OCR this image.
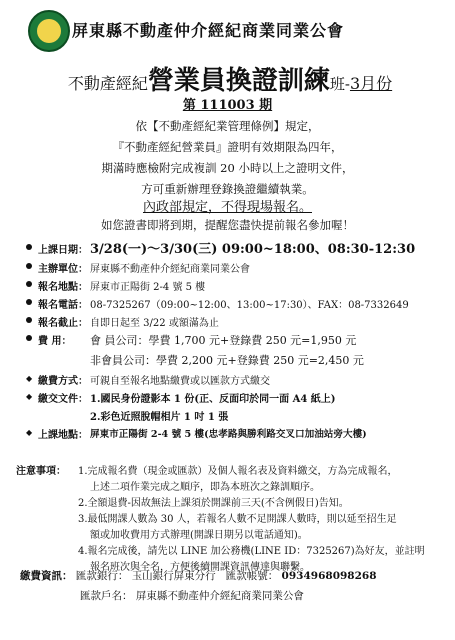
屏東縣不動產仲介經紀商業同業公會
不動產經紀營業員換證訓練班-3月份
第 111003 期
依【不動產經紀業管理條例】規定，
『不動產經紀營業員』證明有效期限為四年，
期滿時應檢附完成複訓 20 小時以上之證明文件，
方可重新辦理登錄換證繼續執業。
內政部規定，不得現場報名。
如您證書即將到期，提醒您盡快提前報名參加喔！
上課日期： 3/28(一)～3/30(三) 09:00~18:00、08:30-12:30
主辦單位： 屏東縣不動產仲介經紀商業同業公會
報名地點： 屏東市正陽街 2-4 號 5 樓
報名電話： 08-7325267（09:00~12:00、13:00~17:30）、FAX：08-7332649
報名截止： 自即日起至 3/22 或額滿為止
費 用： 會 員公司：學費 1,700 元+登錄費 250 元=1,950 元
非會員公司：學費 2,200 元+登錄費 250 元=2,450 元
◆ 繳費方式： 可親自至報名地點繳費或以匯款方式繳交
◆ 繳交文件： 1.國民身份證影本 1 份(正、反面印於同一面 A4 紙上)
2.彩色近照脫帽相片 1 吋 1 張
◆ 上課地點： 屏東市正陽街 2-4 號 5 樓(忠孝路與勝利路交叉口加油站旁大樓)
注意事項：	1.完成報名費（現金或匯款）及個人報名表及資料繳交，方為完成報名，
上述二項作業完成之順序，即為本班次之錄訓順序。
2.全額退費-因故無法上課須於開課前三天(不含例假日)告知。
3.最低開課人數為 30 人，若報名人數不足開課人數時，則以延至招生足
額或加收費用方式辦理(開課日期另以電話通知)。
4.報名完成後，請先以 LINE 加公務機(LINE ID：7325267)為好友，並註明
報名班次與全名，方便後續開課資訊傳達與聯繫。
繳費資訊： 匯款銀行： 玉山銀行屏東分行 匯款帳號： 0934968098268
匯款戶名： 屏東縣不動產仲介經紀商業同業公會
